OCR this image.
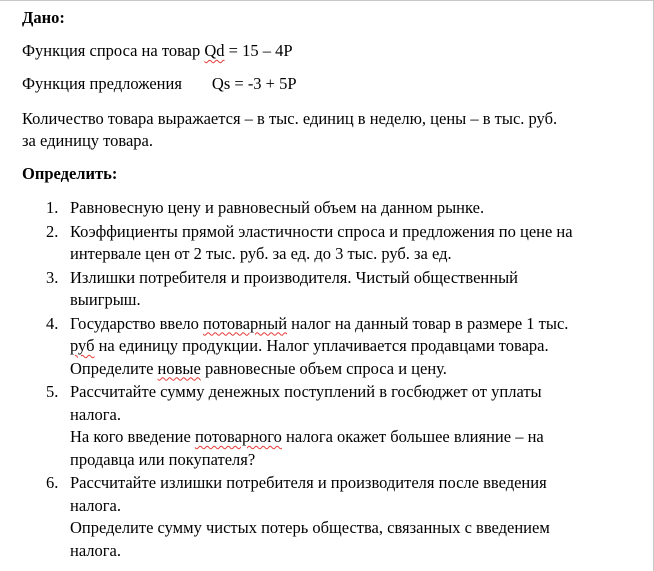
Дано:

Функция спроса на товар Qd = 15 – 4P

Функция предложения Qs = -3 + 5P

Количество товара выражается – в тыс. единиц в неделю, цены – в тыс. руб.
за единицу товара.

Определить:

1. Равновесную цену и равновесный объем на данном рынке.
2. Коэффициенты прямой эластичности спроса и предложения по цене на
интервале цен от 2 тыс. руб. за ед. до 3 тыс. руб. за ед.
3. Излишки потребителя и производителя. Чистый общественный
выигрыш.
4. Государство ввело потоварный налог на данный товар в размере 1 тыс.
руб на единицу продукции. Налог уплачивается продавцами товара.
Определите новые равновесные объем спроса и цену.
5. Рассчитайте сумму денежных поступлений в госбюджет от уплаты
налога.
На кого введение потоварного налога окажет большее влияние – на
продавца или покупателя?
6. Рассчитайте излишки потребителя и производителя после введения
налога.
Определите сумму чистых потерь общества, связанных с введением
налога.
